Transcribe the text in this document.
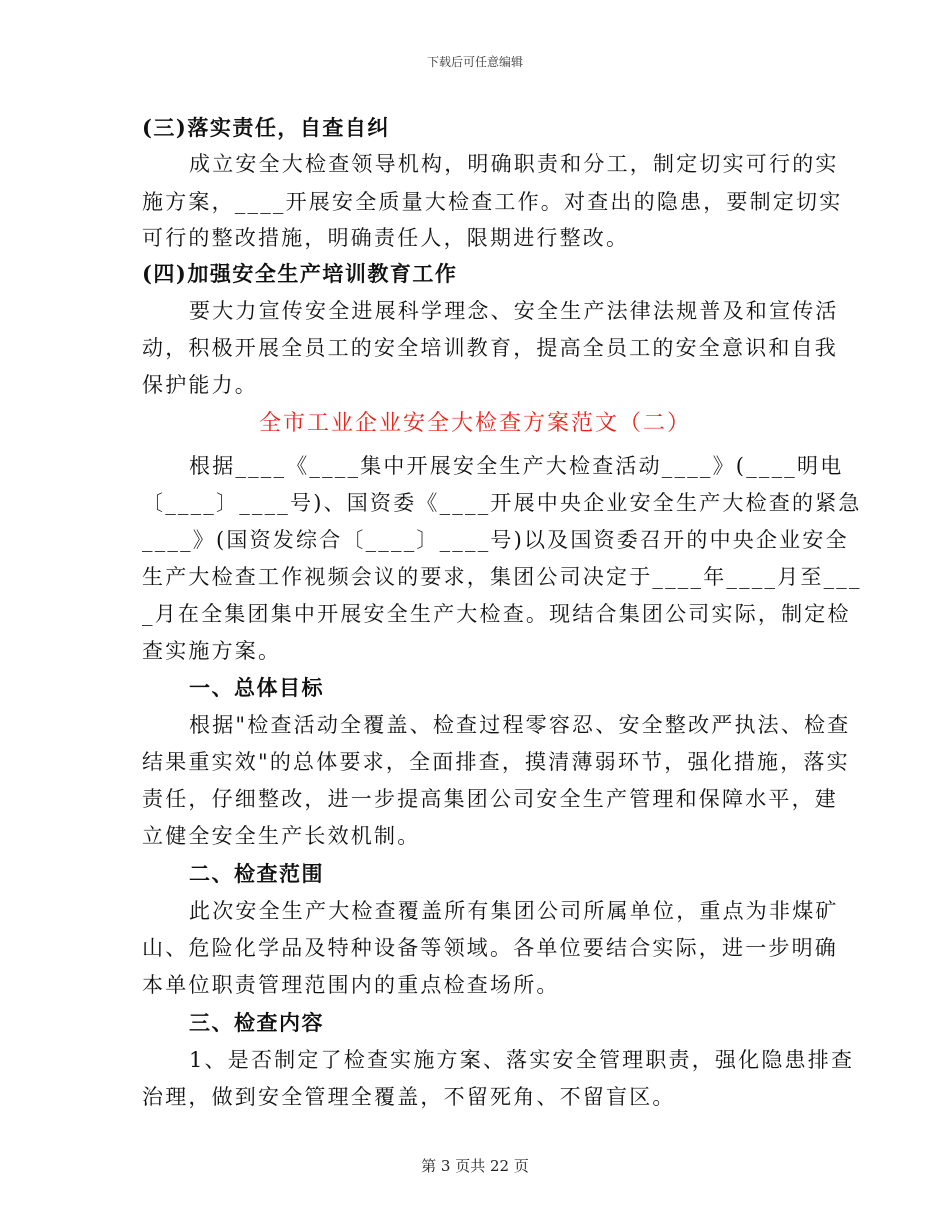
下载后可任意编辑
(三)落实责任，自查自纠
成立安全大检查领导机构，明确职责和分工，制定切实可行的实
施方案，____开展安全质量大检查工作。对查出的隐患，要制定切实
可行的整改措施，明确责任人，限期进行整改。
(四)加强安全生产培训教育工作
要大力宣传安全进展科学理念、安全生产法律法规普及和宣传活
动，积极开展全员工的安全培训教育，提高全员工的安全意识和自我
保护能力。
全市工业企业安全大检查方案范文（二）
根据____《____集中开展安全生产大检查活动____》(____明电
〔____〕____号)、国资委《____开展中央企业安全生产大检查的紧急
____》(国资发综合〔____〕____号)以及国资委召开的中央企业安全
生产大检查工作视频会议的要求，集团公司决定于____年____月至___
_月在全集团集中开展安全生产大检查。现结合集团公司实际，制定检
查实施方案。
一、总体目标
根据"检查活动全覆盖、检查过程零容忍、安全整改严执法、检查
结果重实效"的总体要求，全面排查，摸清薄弱环节，强化措施，落实
责任，仔细整改，进一步提高集团公司安全生产管理和保障水平，建
立健全安全生产长效机制。
二、检查范围
此次安全生产大检查覆盖所有集团公司所属单位，重点为非煤矿
山、危险化学品及特种设备等领域。各单位要结合实际，进一步明确
本单位职责管理范围内的重点检查场所。
三、检查内容
1、是否制定了检查实施方案、落实安全管理职责，强化隐患排查
治理，做到安全管理全覆盖，不留死角、不留盲区。
第 3 页共 22 页
